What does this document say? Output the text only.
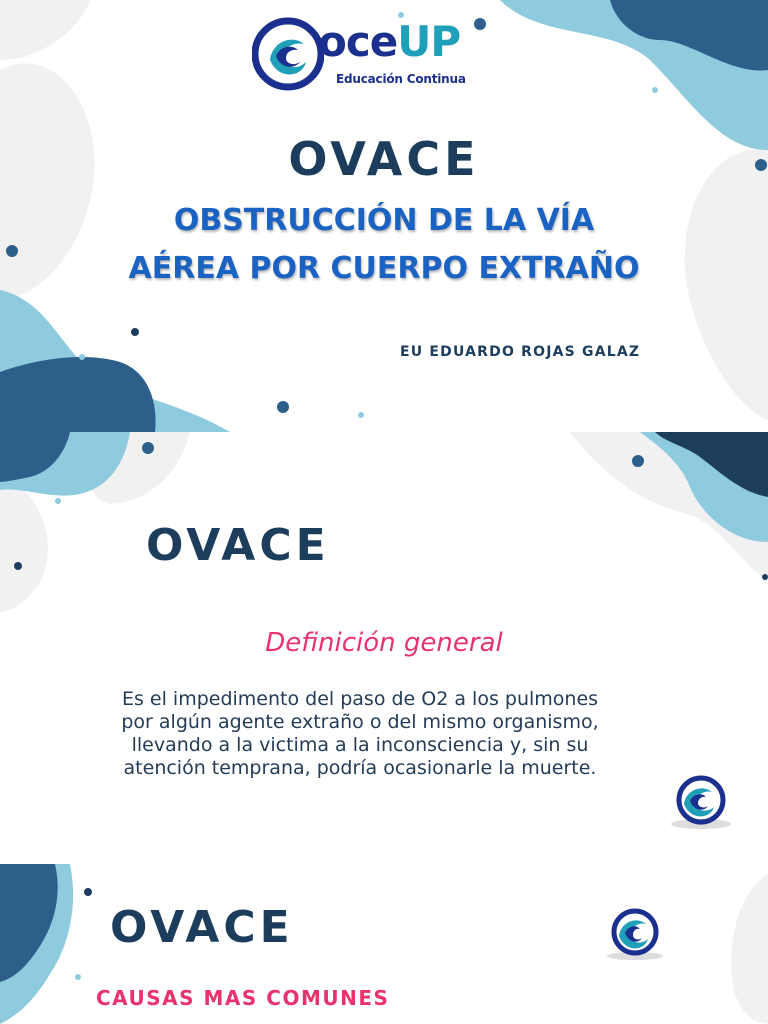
oceUP

Educación Continua

OVACE

OBSTRUCCIÓN DE LA VÍA

AÉREA POR CUERPO EXTRAÑO

EU EDUARDO ROJAS GALAZ

OVACE

Definición general

Es el impedimento del paso de O2 a los pulmones

por algún agente extraño o del mismo organismo,

llevando a la victima a la inconsciencia y, sin su

atención temprana, podría ocasionarle la muerte.

OVACE

CAUSAS MAS COMUNES
